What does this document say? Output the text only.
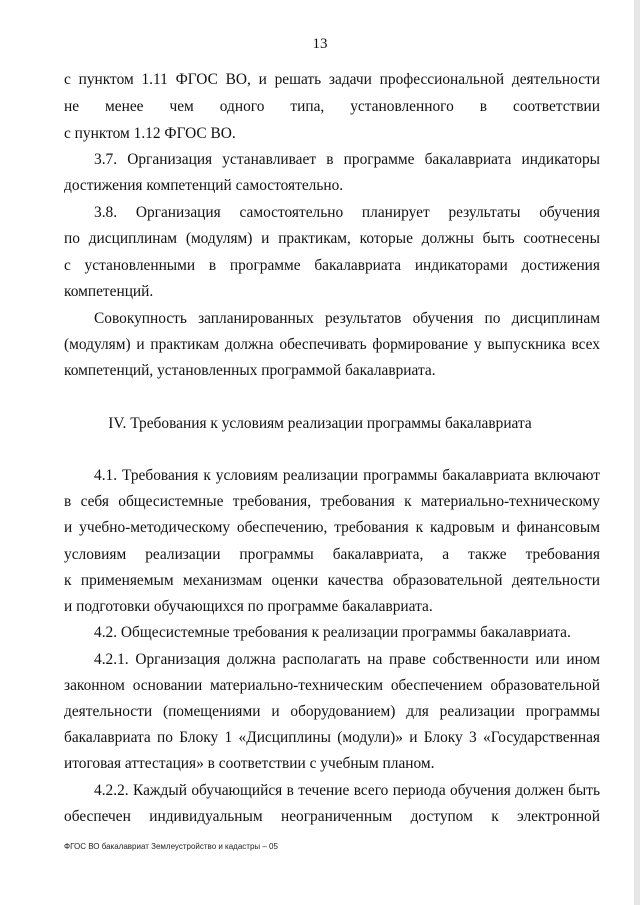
13
с пунктом 1.11 ФГОС ВО, и решать задачи профессиональной деятельности
не менее чем одного типа, установленного в соответствии
с пунктом 1.12 ФГОС ВО.
3.7. Организация устанавливает в программе бакалавриата индикаторы
достижения компетенций самостоятельно.
3.8. Организация самостоятельно планирует результаты обучения
по дисциплинам (модулям) и практикам, которые должны быть соотнесены
с установленными в программе бакалавриата индикаторами достижения
компетенций.
Совокупность запланированных результатов обучения по дисциплинам
(модулям) и практикам должна обеспечивать формирование у выпускника всех
компетенций, установленных программой бакалавриата.
IV. Требования к условиям реализации программы бакалавриата
4.1. Требования к условиям реализации программы бакалавриата включают
в себя общесистемные требования, требования к материально-техническому
и учебно-методическому обеспечению, требования к кадровым и финансовым
условиям реализации программы бакалавриата, а также требования
к применяемым механизмам оценки качества образовательной деятельности
и подготовки обучающихся по программе бакалавриата.
4.2. Общесистемные требования к реализации программы бакалавриата.
4.2.1. Организация должна располагать на праве собственности или ином
законном основании материально-техническим обеспечением образовательной
деятельности (помещениями и оборудованием) для реализации программы
бакалавриата по Блоку 1 «Дисциплины (модули)» и Блоку 3 «Государственная
итоговая аттестация» в соответствии с учебным планом.
4.2.2. Каждый обучающийся в течение всего периода обучения должен быть
обеспечен индивидуальным неограниченным доступом к электронной
ФГОС ВО бакалавриат Землеустройство и кадастры – 05
